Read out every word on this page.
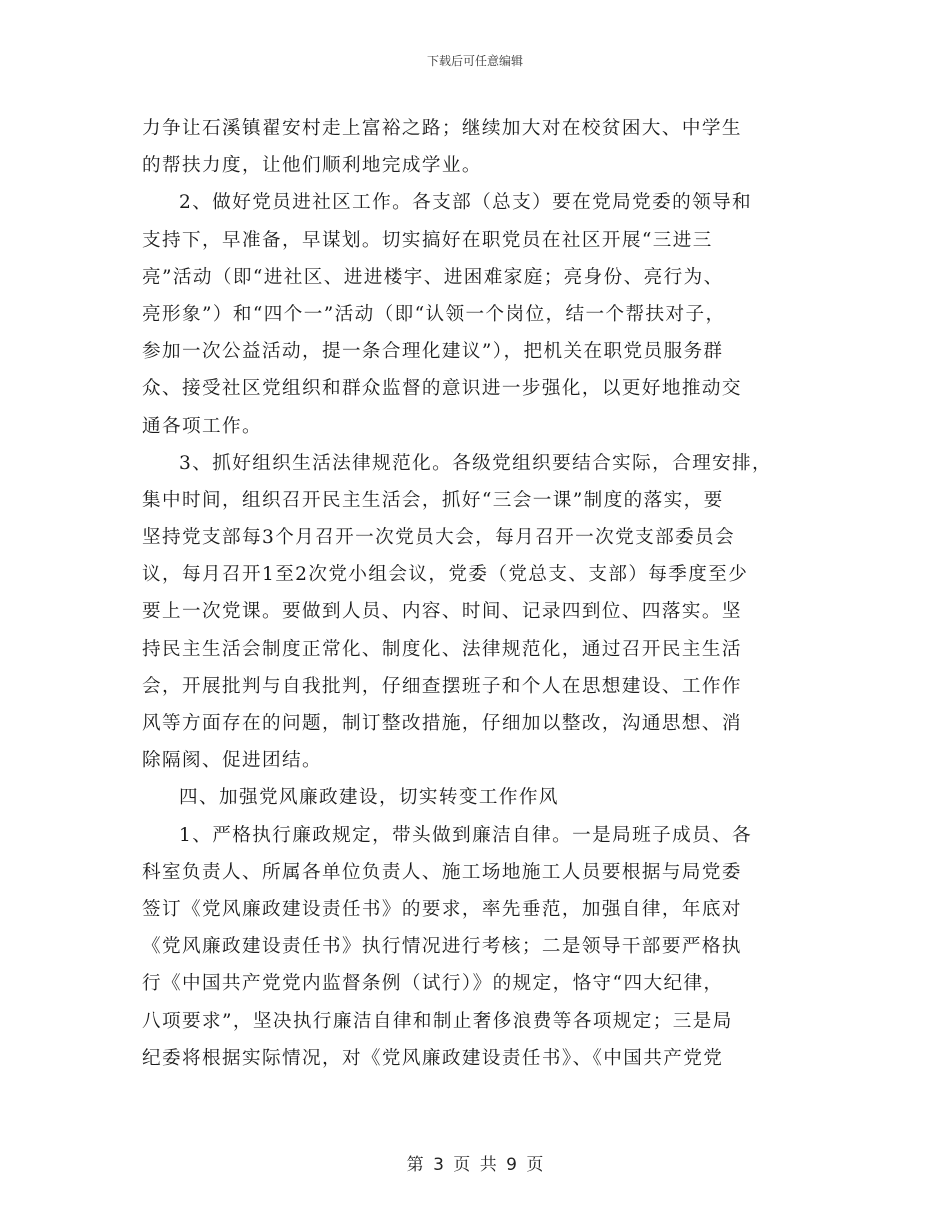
下载后可任意编辑
力争让石溪镇翟安村走上富裕之路；继续加大对在校贫困大、中学生
的帮扶力度，让他们顺利地完成学业。
2、做好党员进社区工作。各支部（总支）要在党局党委的领导和
支持下，早准备，早谋划。切实搞好在职党员在社区开展“三进三
亮”活动（即“进社区、进进楼宇、进困难家庭；亮身份、亮行为、
亮形象”）和“四个一”活动（即“认领一个岗位，结一个帮扶对子，
参加一次公益活动，提一条合理化建议”），把机关在职党员服务群
众、接受社区党组织和群众监督的意识进一步强化，以更好地推动交
通各项工作。
3、抓好组织生活法律规范化。各级党组织要结合实际，合理安排，
集中时间，组织召开民主生活会，抓好“三会一课”制度的落实，要
坚持党支部每3个月召开一次党员大会，每月召开一次党支部委员会
议，每月召开1至2次党小组会议，党委（党总支、支部）每季度至少
要上一次党课。要做到人员、内容、时间、记录四到位、四落实。坚
持民主生活会制度正常化、制度化、法律规范化，通过召开民主生活
会，开展批判与自我批判，仔细查摆班子和个人在思想建设、工作作
风等方面存在的问题，制订整改措施，仔细加以整改，沟通思想、消
除隔阂、促进团结。
四、加强党风廉政建设，切实转变工作作风
1、严格执行廉政规定，带头做到廉洁自律。一是局班子成员、各
科室负责人、所属各单位负责人、施工场地施工人员要根据与局党委
签订《党风廉政建设责任书》的要求，率先垂范，加强自律，年底对
《党风廉政建设责任书》执行情况进行考核；二是领导干部要严格执
行《中国共产党党内监督条例（试行）》的规定，恪守“四大纪律，
八项要求”，坚决执行廉洁自律和制止奢侈浪费等各项规定；三是局
纪委将根据实际情况，对《党风廉政建设责任书》、《中国共产党党
第 3 页 共 9 页
